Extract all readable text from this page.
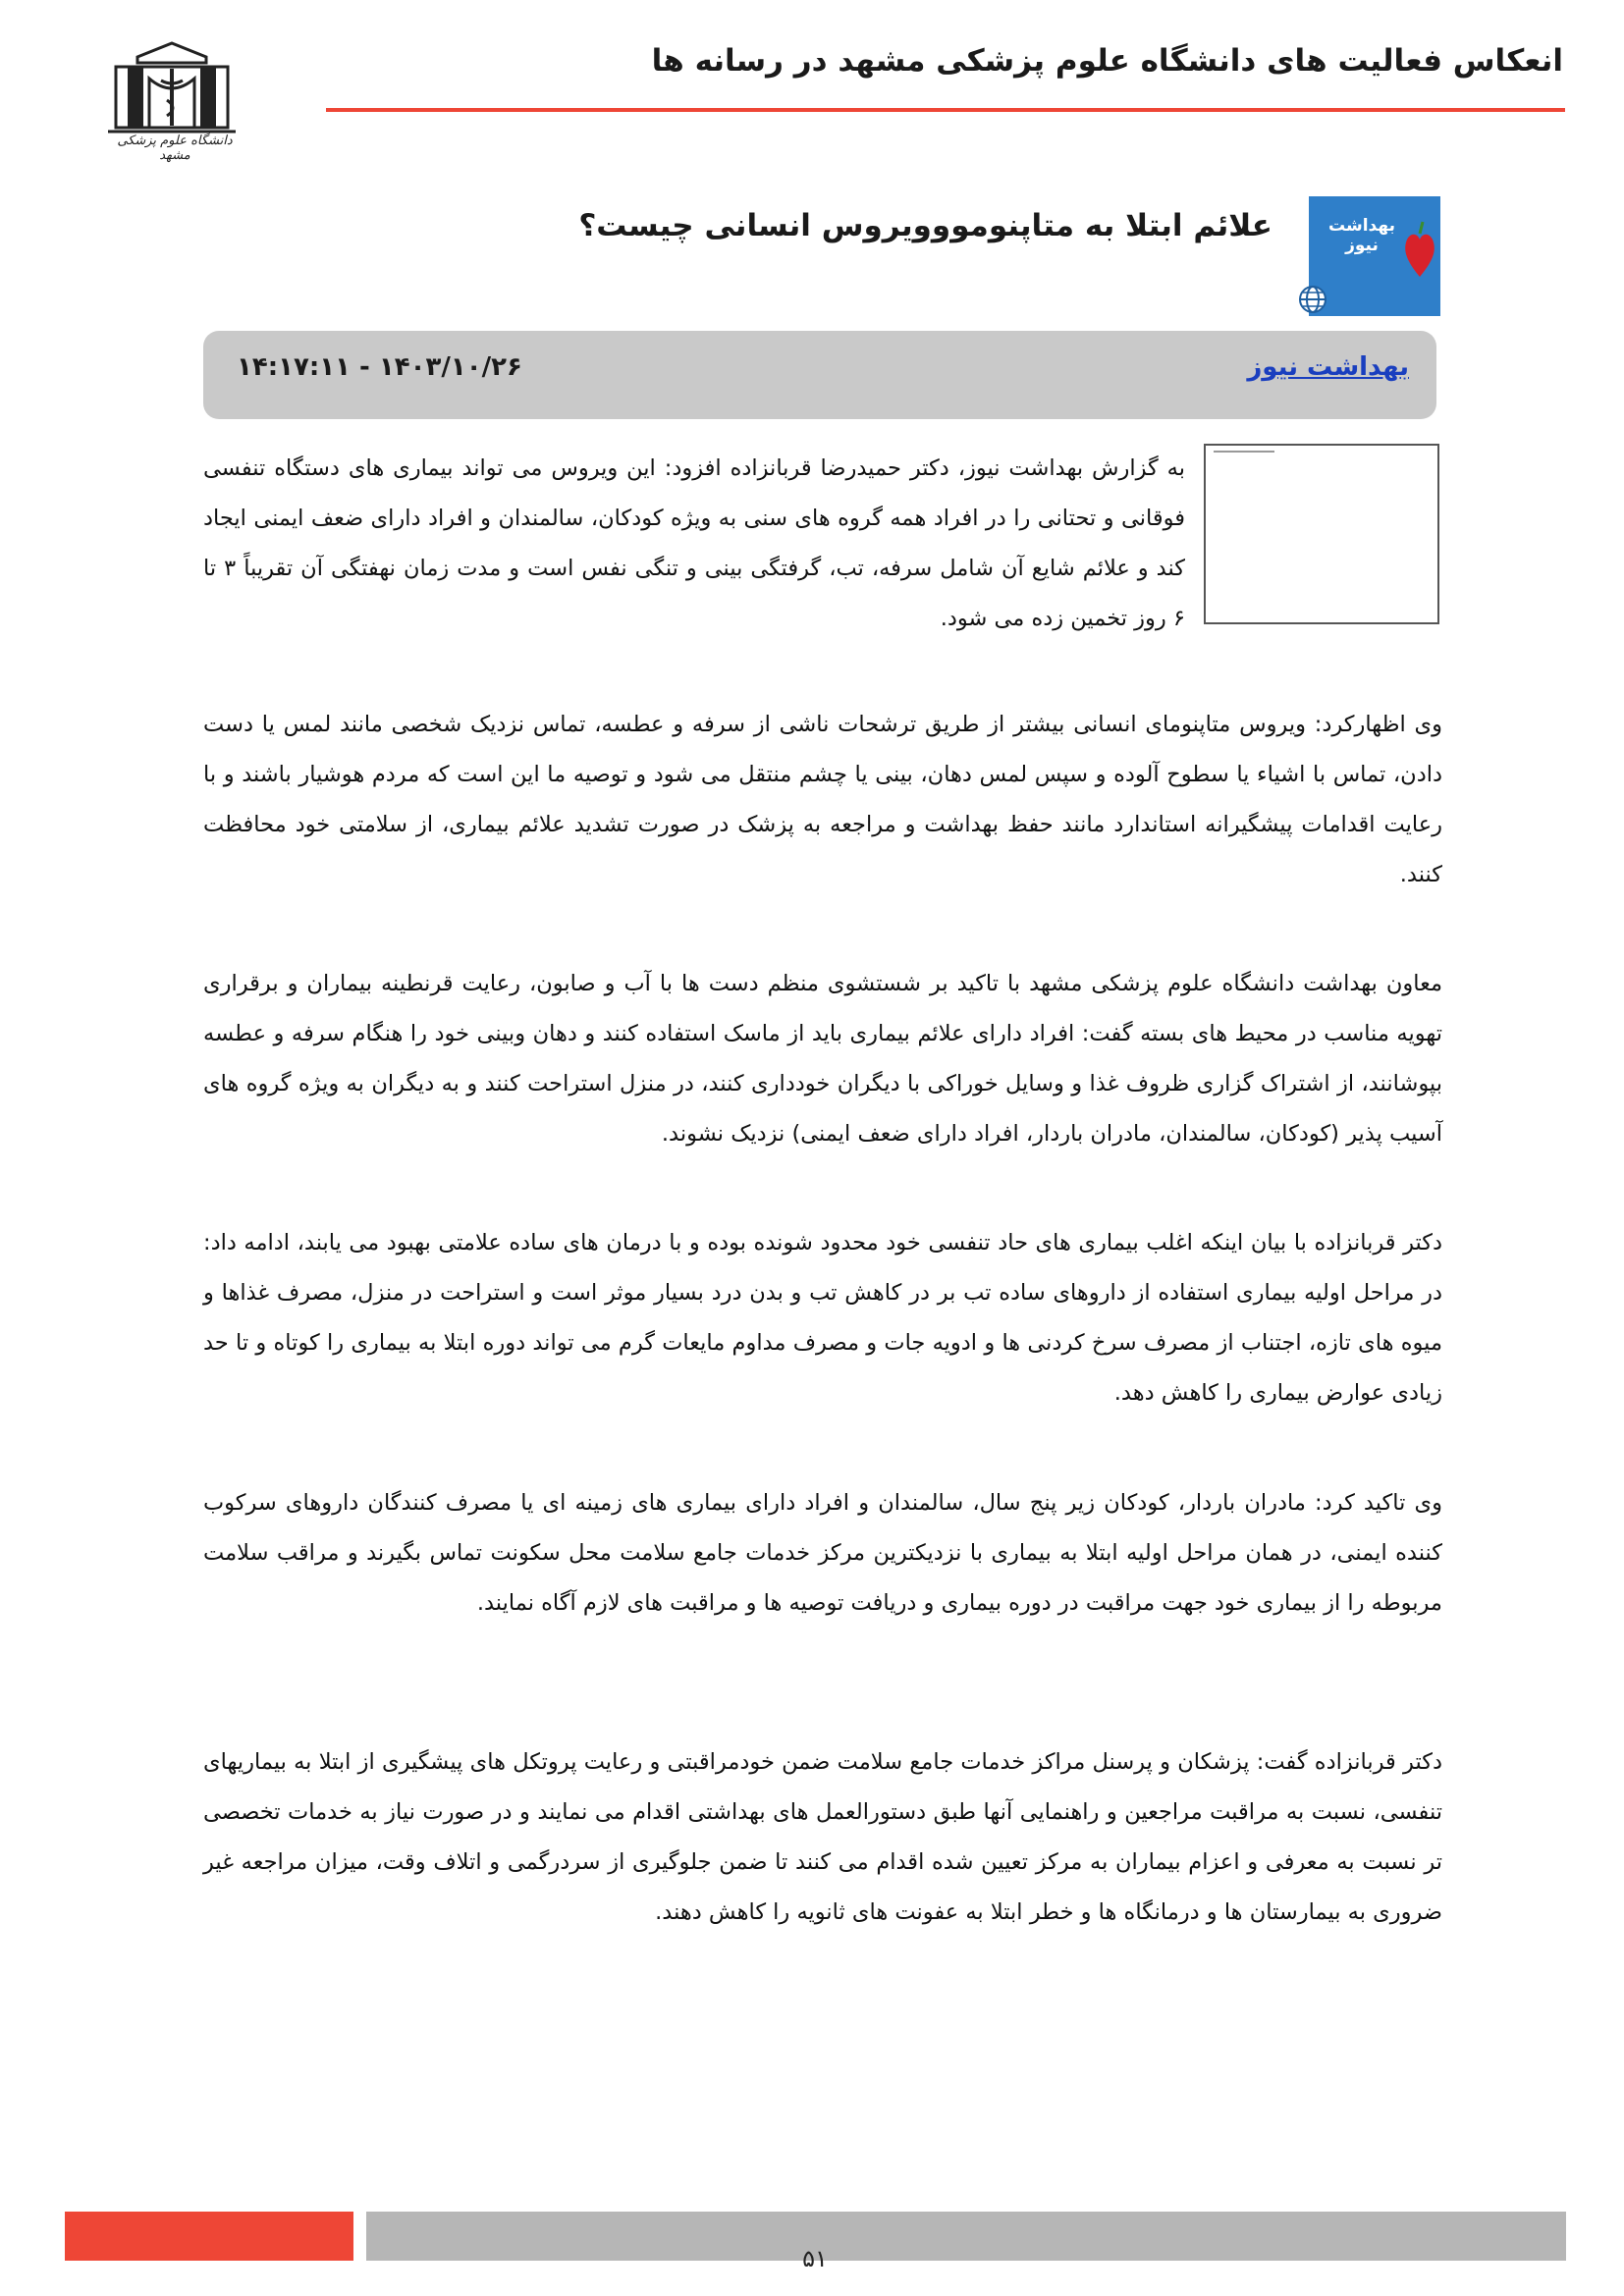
انعکاس فعالیت های دانشگاه علوم پزشکی مشهد در رسانه ها
دانشگاه علوم پزشکی مشهد
بهداشت نیوز
علائم ابتلا به متاپنومووویروس انسانی چیست؟
بهداشت نیوز
۱۴:۱۷:۱۱ - ۱۴۰۳/۱۰/۲۶

به گزارش بهداشت نیوز، دکتر حمیدرضا قربانزاده افزود: این ویروس می تواند بیماری های دستگاه تنفسی فوقانی و تحتانی را در افراد همه گروه های سنی به ویژه کودکان، سالمندان و افراد دارای ضعف ایمنی ایجاد کند و علائم شایع آن شامل سرفه، تب، گرفتگی بینی و تنگی نفس است و مدت زمان نهفتگی آن تقریباً ۳ تا ۶ روز تخمین زده می شود.

وی اظهارکرد: ویروس متاپنومای انسانی بیشتر از طریق ترشحات ناشی از سرفه و عطسه، تماس نزدیک شخصی مانند لمس یا دست دادن، تماس با اشیاء یا سطوح آلوده و سپس لمس دهان، بینی یا چشم منتقل می شود و توصیه ما این است که مردم هوشیار باشند و با رعایت اقدامات پیشگیرانه استاندارد مانند حفظ بهداشت و مراجعه به پزشک در صورت تشدید علائم بیماری، از سلامتی خود محافظت کنند.

معاون بهداشت دانشگاه علوم پزشکی مشهد با تاکید بر شستشوی منظم دست ها با آب و صابون، رعایت قرنطینه بیماران و برقراری تهویه مناسب در محیط های بسته گفت: افراد دارای علائم بیماری باید از ماسک استفاده کنند و دهان وبینی خود را هنگام سرفه و عطسه بپوشانند، از اشتراک گزاری ظروف غذا و وسایل خوراکی با دیگران خودداری کنند، در منزل استراحت کنند و به دیگران به ویژه گروه های آسیب پذیر (کودکان، سالمندان، مادران باردار، افراد دارای ضعف ایمنی) نزدیک نشوند.

دکتر قربانزاده با بیان اینکه اغلب بیماری های حاد تنفسی خود محدود شونده بوده و با درمان های ساده علامتی بهبود می یابند، ادامه داد: در مراحل اولیه بیماری استفاده از داروهای ساده تب بر در کاهش تب و بدن درد بسیار موثر است و استراحت در منزل، مصرف غذاها و میوه های تازه، اجتناب از مصرف سرخ کردنی ها و ادویه جات و مصرف مداوم مایعات گرم می تواند دوره ابتلا به بیماری را کوتاه و تا حد زیادی عوارض بیماری را کاهش دهد.

وی تاکید کرد: مادران باردار، کودکان زیر پنج سال، سالمندان و افراد دارای بیماری های زمینه ای یا مصرف کنندگان داروهای سرکوب کننده ایمنی، در همان مراحل اولیه ابتلا به بیماری با نزدیکترین مرکز خدمات جامع سلامت محل سکونت تماس بگیرند و مراقب سلامت مربوطه را از بیماری خود جهت مراقبت در دوره بیماری و دریافت توصیه ها و مراقبت های لازم آگاه نمایند.

دکتر قربانزاده گفت: پزشکان و پرسنل مراکز خدمات جامع سلامت ضمن خودمراقبتی و رعایت پروتکل های پیشگیری از ابتلا به بیماریهای تنفسی، نسبت به مراقبت مراجعین و راهنمایی آنها طبق دستورالعمل های بهداشتی اقدام می نمایند و در صورت نیاز به خدمات تخصصی تر نسبت به معرفی و اعزام بیماران به مرکز تعیین شده اقدام می کنند تا ضمن جلوگیری از سردرگمی و اتلاف وقت، میزان مراجعه غیر ضروری به بیمارستان ها و درمانگاه ها و خطر ابتلا به عفونت های ثانویه را کاهش دهند.

۵۱
